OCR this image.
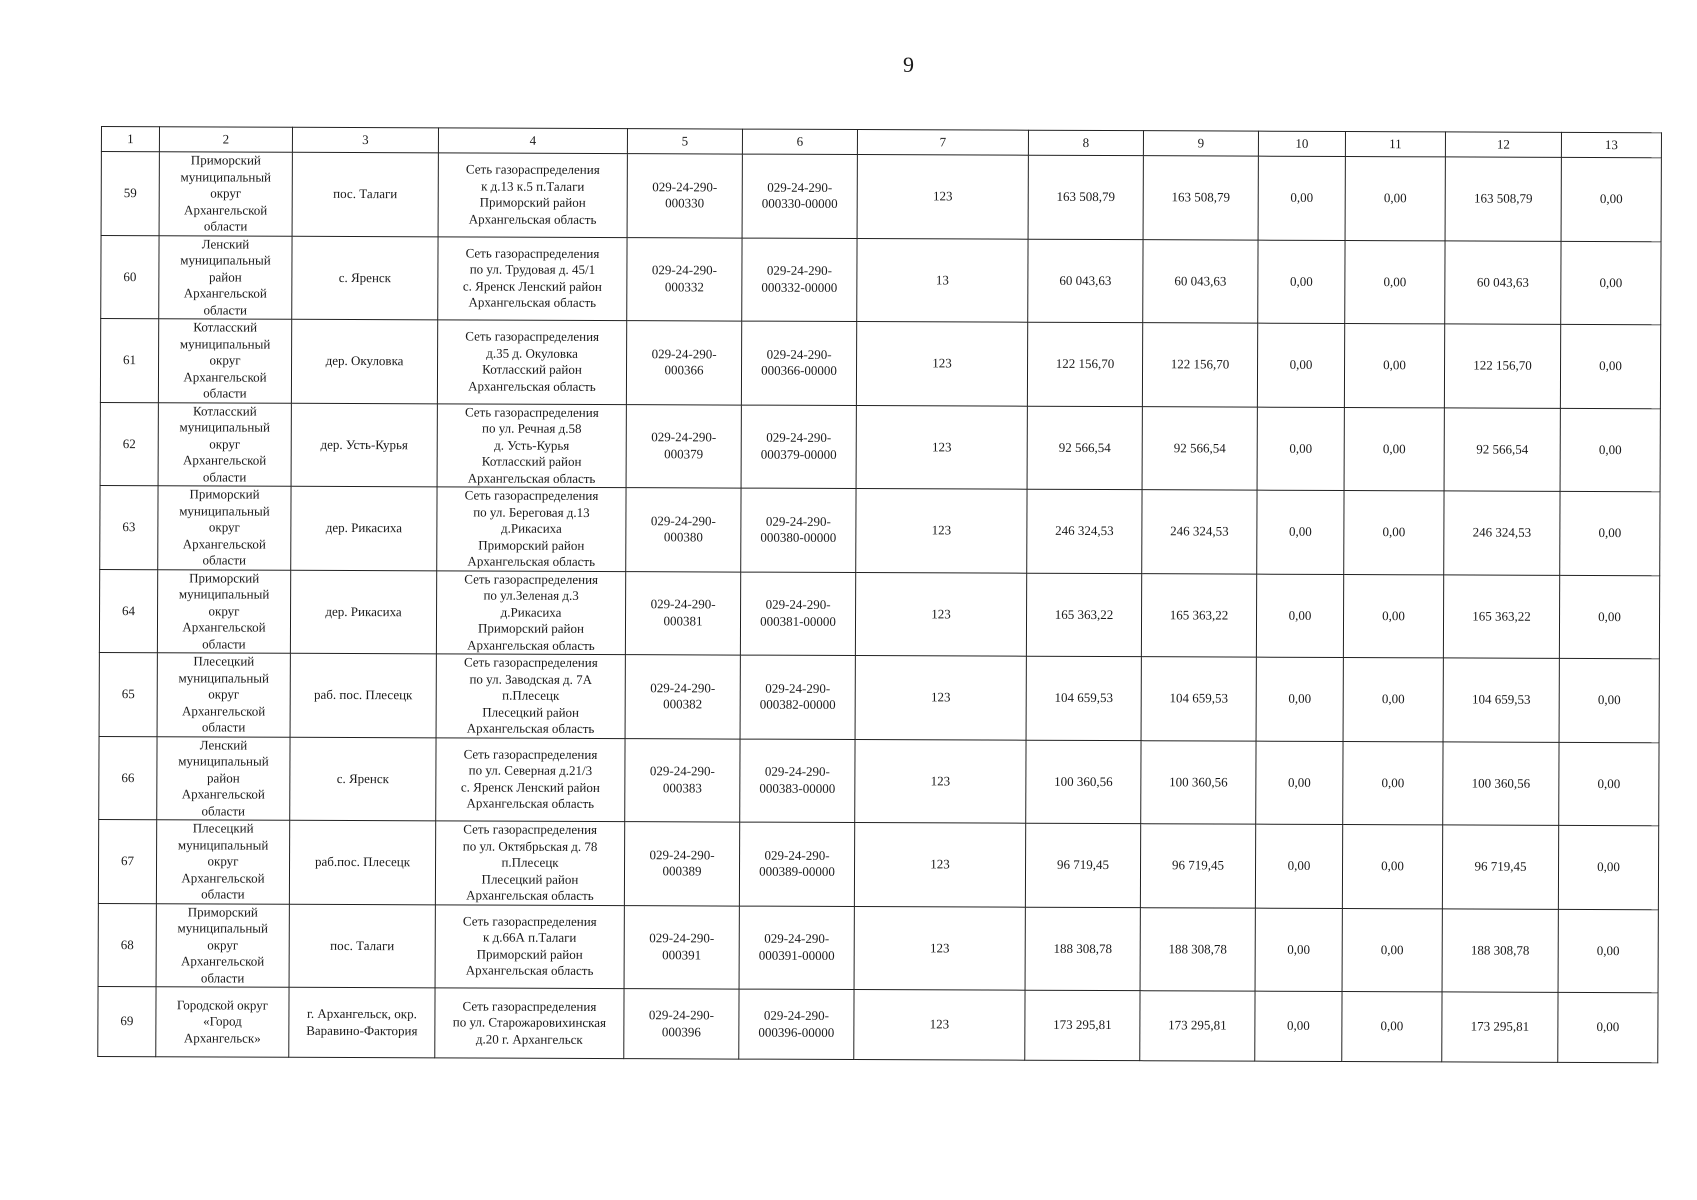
9
1	2	3	4	5	6	7	8	9	10	11	12	13

59	Приморский
муниципальный
округ
Архангельской
области	пос. Талаги	Сеть газораспределения
к д.13 к.5 п.Талаги
Приморский район
Архангельская область	029-24-290-
000330	029-24-290-
000330-00000	123	163 508,79	163 508,79	0,00	0,00	163 508,79	0,00

60	Ленский
муниципальный
район
Архангельской
области	с. Яренск	Сеть газораспределения
по ул. Трудовая д. 45/1
с. Яренск Ленский район
Архангельская область	029-24-290-
000332	029-24-290-
000332-00000	13	60 043,63	60 043,63	0,00	0,00	60 043,63	0,00

61	Котласский
муниципальный
округ
Архангельской
области	дер. Окуловка	Сеть газораспределения
д.35 д. Окуловка
Котласский район
Архангельская область	029-24-290-
000366	029-24-290-
000366-00000	123	122 156,70	122 156,70	0,00	0,00	122 156,70	0,00

62	Котласский
муниципальный
округ
Архангельской
области	дер. Усть-Курья	Сеть газораспределения
по ул. Речная д.58
д. Усть-Курья
Котласский район
Архангельская область	029-24-290-
000379	029-24-290-
000379-00000	123	92 566,54	92 566,54	0,00	0,00	92 566,54	0,00

63	Приморский
муниципальный
округ
Архангельской
области	дер. Рикасиха	Сеть газораспределения
по ул. Береговая д.13
д.Рикасиха
Приморский район
Архангельская область	029-24-290-
000380	029-24-290-
000380-00000	123	246 324,53	246 324,53	0,00	0,00	246 324,53	0,00

64	Приморский
муниципальный
округ
Архангельской
области	дер. Рикасиха	Сеть газораспределения
по ул.Зеленая д.3
д.Рикасиха
Приморский район
Архангельская область	029-24-290-
000381	029-24-290-
000381-00000	123	165 363,22	165 363,22	0,00	0,00	165 363,22	0,00

65	Плесецкий
муниципальный
округ
Архангельской
области	раб. пос. Плесецк	Сеть газораспределения
по ул. Заводская д. 7А
п.Плесецк
Плесецкий район
Архангельская область	029-24-290-
000382	029-24-290-
000382-00000	123	104 659,53	104 659,53	0,00	0,00	104 659,53	0,00

66	Ленский
муниципальный
район
Архангельской
области	с. Яренск	Сеть газораспределения
по ул. Северная д.21/3
с. Яренск Ленский район
Архангельская область	029-24-290-
000383	029-24-290-
000383-00000	123	100 360,56	100 360,56	0,00	0,00	100 360,56	0,00

67	Плесецкий
муниципальный
округ
Архангельской
области	раб.пос. Плесецк	Сеть газораспределения
по ул. Октябрьская д. 78
п.Плесецк
Плесецкий район
Архангельская область	029-24-290-
000389	029-24-290-
000389-00000	123	96 719,45	96 719,45	0,00	0,00	96 719,45	0,00

68	Приморский
муниципальный
округ
Архангельской
области	пос. Талаги	Сеть газораспределения
к д.66А п.Талаги
Приморский район
Архангельская область	029-24-290-
000391	029-24-290-
000391-00000	123	188 308,78	188 308,78	0,00	0,00	188 308,78	0,00

69	Городской округ
«Город
Архангельск»	г. Архангельск, окр.
Варавино-Фактория	Сеть газораспределения
по ул. Старожаровихинская
д.20 г. Архангельск	029-24-290-
000396	029-24-290-
000396-00000	123	173 295,81	173 295,81	0,00	0,00	173 295,81	0,00
